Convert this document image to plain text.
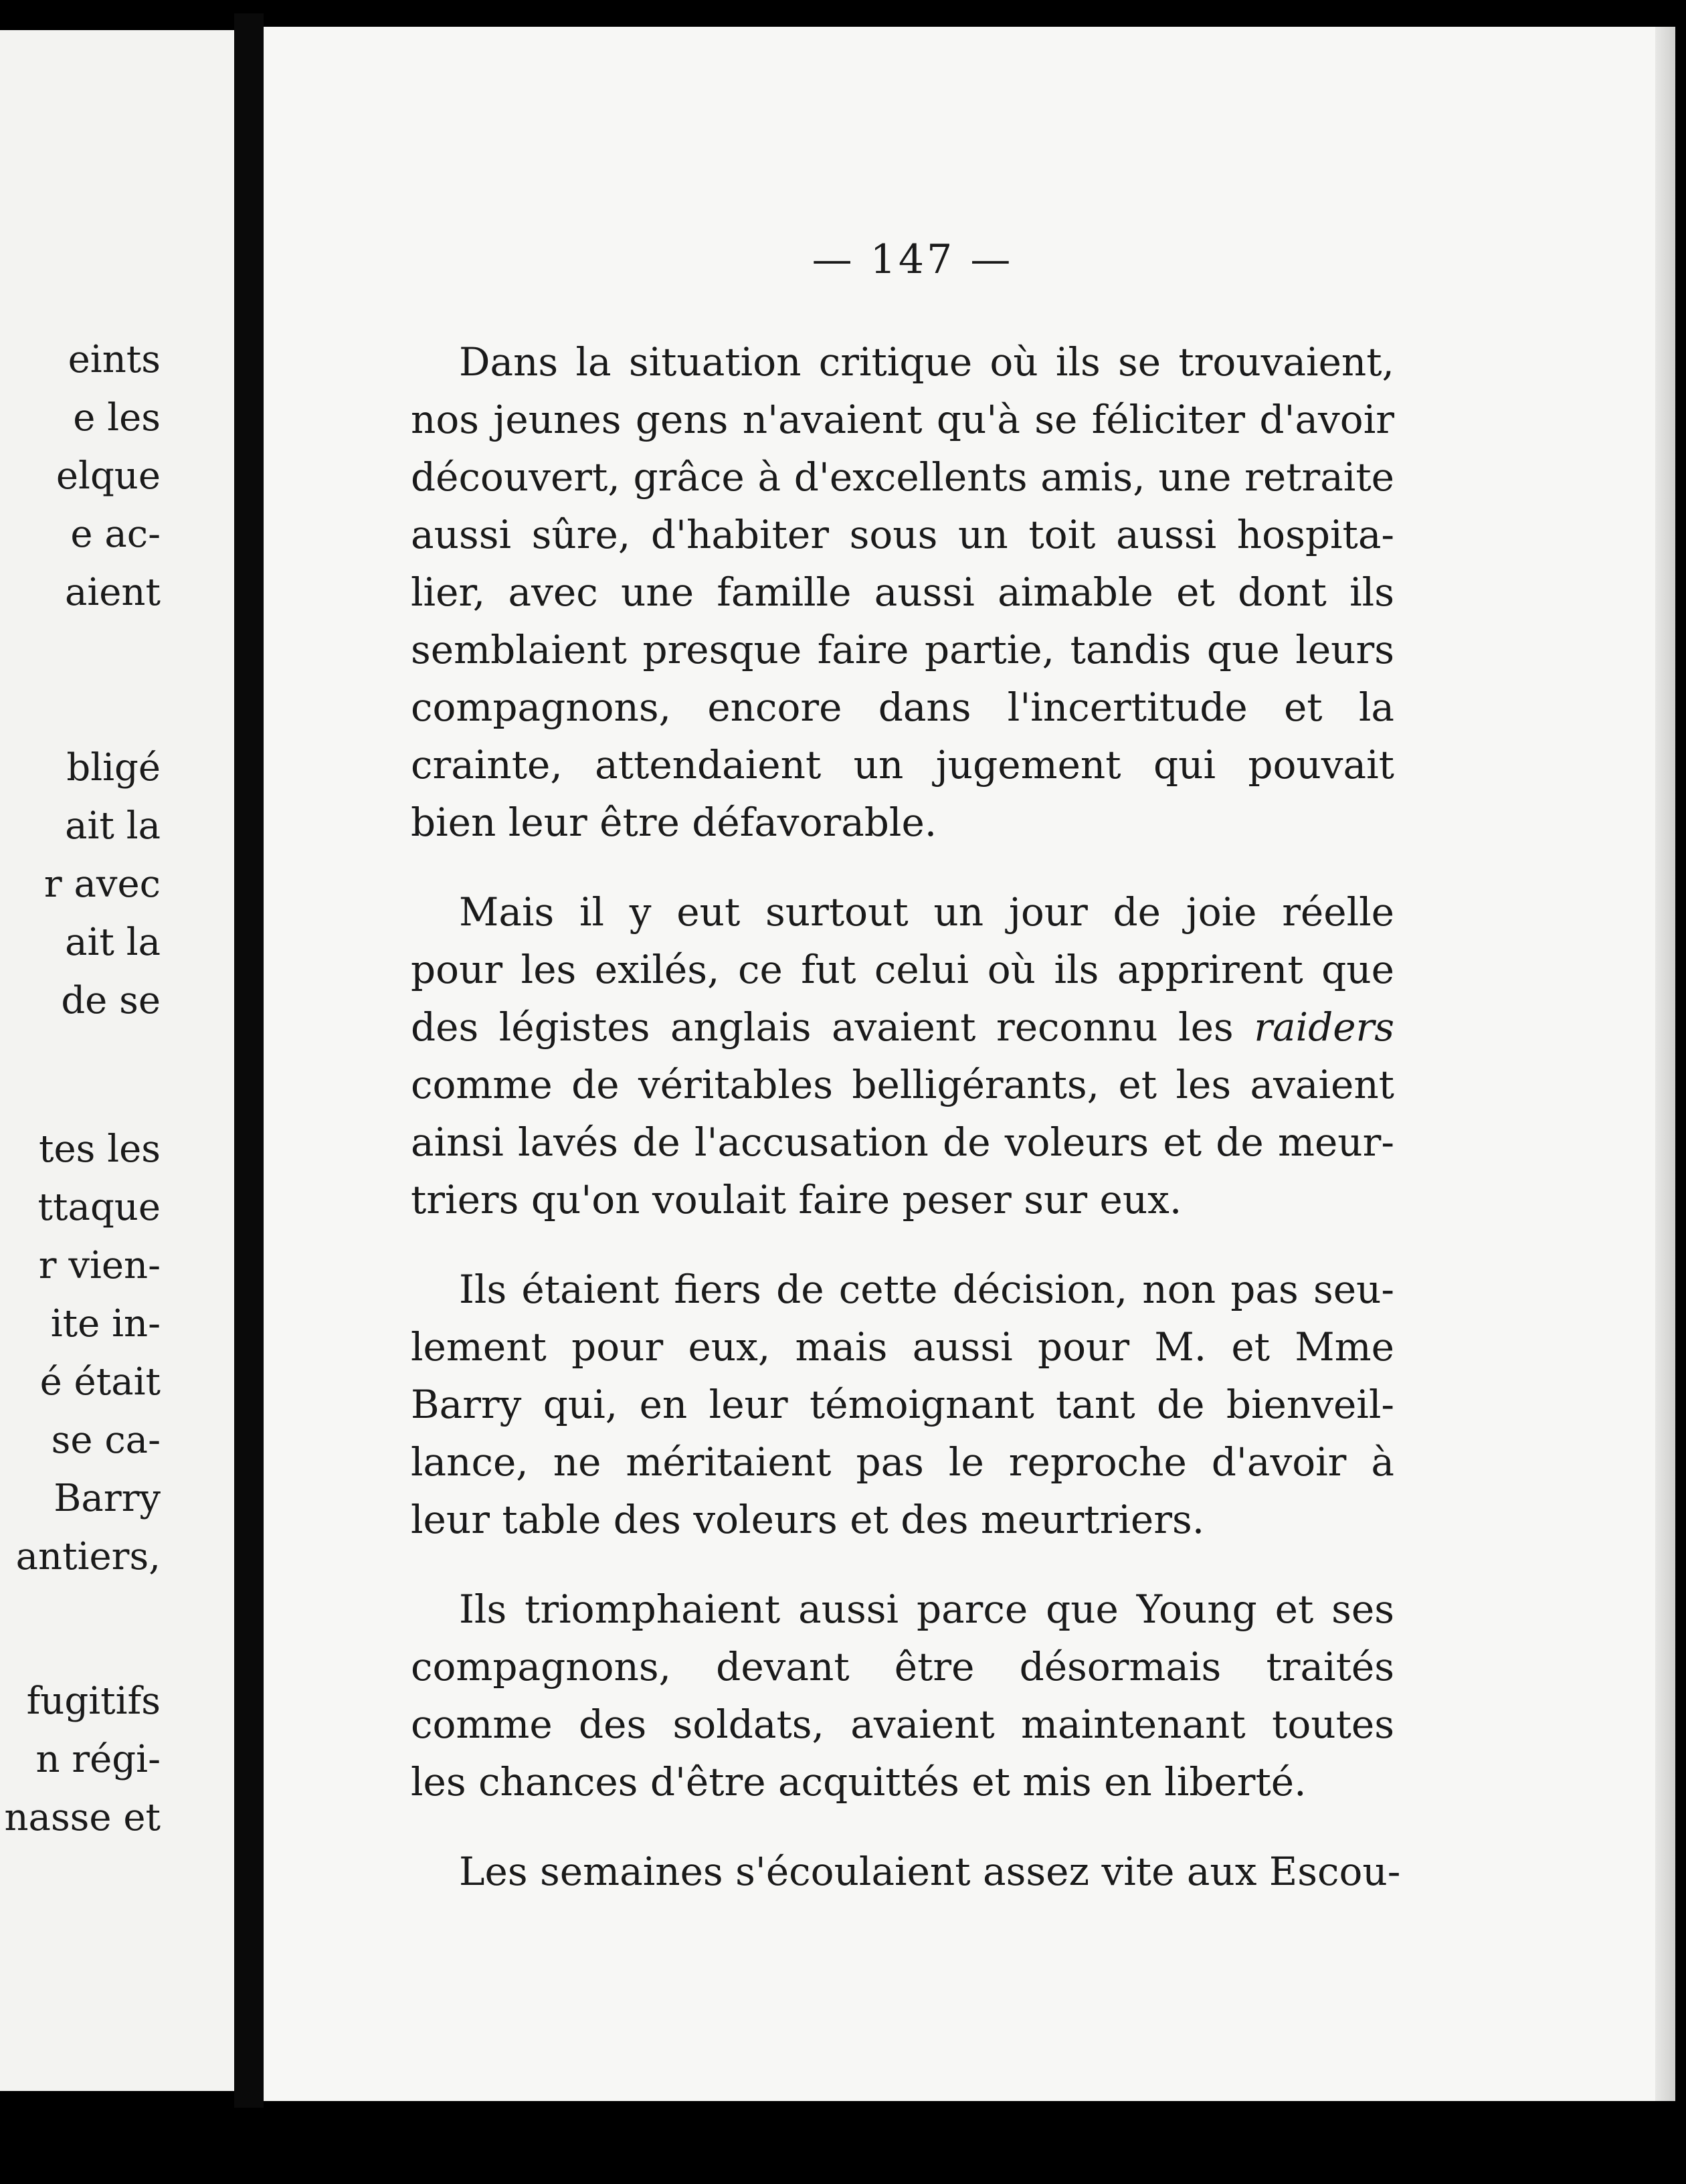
eints
e les
elque
e ac-
aient
bligé
ait la
r avec
ait la
de se
tes les
ttaque
r vien-
ite in-
é était
se ca-
Barry
antiers,
fugitifs
n régi-
nasse et
— 147 —
Dans la situation critique où ils se trouvaient,
nos jeunes gens n'avaient qu'à se féliciter d'avoir
découvert, grâce à d'excellents amis, une retraite
aussi sûre, d'habiter sous un toit aussi hospita-
lier, avec une famille aussi aimable et dont ils
semblaient presque faire partie, tandis que leurs
compagnons, encore dans l'incertitude et la
crainte, attendaient un jugement qui pouvait
bien leur être défavorable.
Mais il y eut surtout un jour de joie réelle
pour les exilés, ce fut celui où ils apprirent que
des légistes anglais avaient reconnu les raiders
comme de véritables belligérants, et les avaient
ainsi lavés de l'accusation de voleurs et de meur-
triers qu'on voulait faire peser sur eux.
Ils étaient fiers de cette décision, non pas seu-
lement pour eux, mais aussi pour M. et Mme
Barry qui, en leur témoignant tant de bienveil-
lance, ne méritaient pas le reproche d'avoir à
leur table des voleurs et des meurtriers.
Ils triomphaient aussi parce que Young et ses
compagnons, devant être désormais traités
comme des soldats, avaient maintenant toutes
les chances d'être acquittés et mis en liberté.
Les semaines s'écoulaient assez vite aux Escou-
